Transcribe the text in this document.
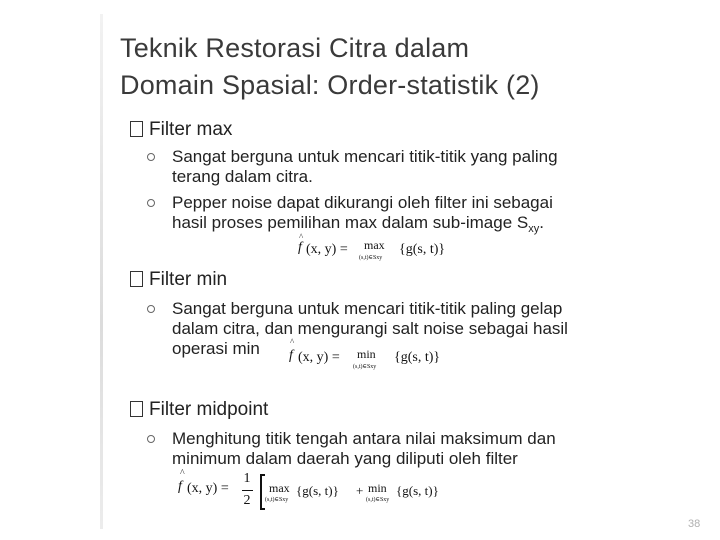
Teknik Restorasi Citra dalam
Domain Spasial: Order-statistik (2)
Filter max
Sangat berguna untuk mencari titik-titik yang paling
terang dalam citra.
Pepper noise dapat dikurangi oleh filter ini sebagai
hasil proses pemilihan max dalam sub-image $S_{xy}$.
^
f (x, y) = max
(s,t)∈Sxy
{g(s, t)}
Filter min
Sangat berguna untuk mencari titik-titik paling gelap
dalam citra, dan mengurangi salt noise sebagai hasil
operasi min	^
f (x, y) = min
(s,t)∈Sxy
{g(s, t)}
Filter midpoint
Menghitung titik tengah antara nilai maksimum dan
minimum dalam daerah yang diliputi oleh filter
^
f (x, y) =
1
2
max
(s,t)∈Sxy
{g(s, t)} + min
(s,t)∈Sxy
{g(s, t)}
38
